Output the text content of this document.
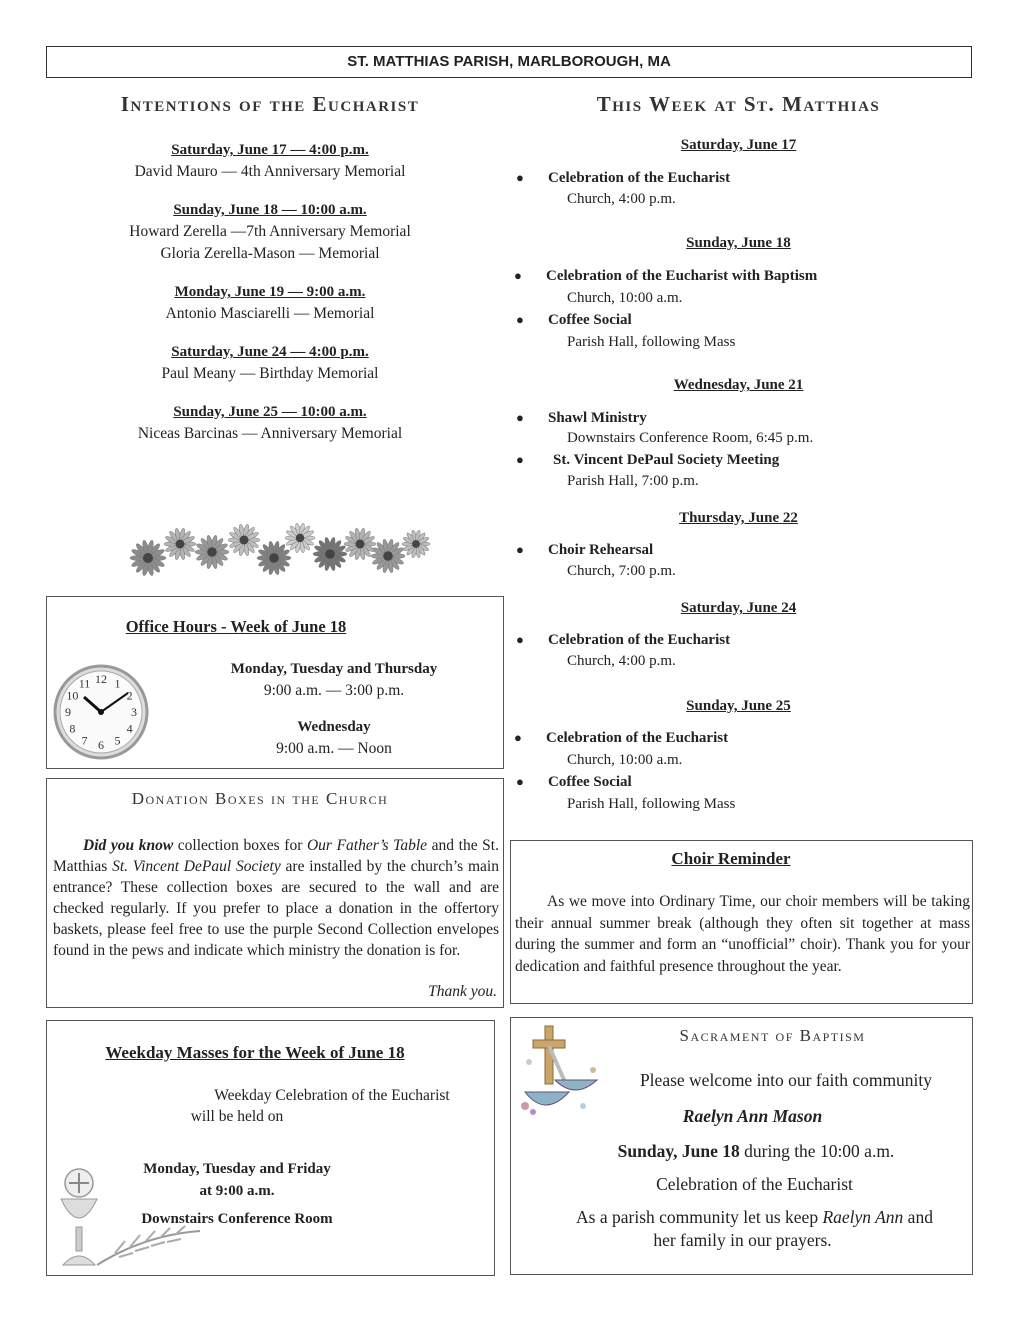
ST. MATTHIAS PARISH, MARLBOROUGH, MA
Intentions of the Eucharist	This Week at St. Matthias
Saturday, June 17 — 4:00 p.m.
David Mauro — 4th Anniversary Memorial
Sunday, June 18 — 10:00 a.m.
Howard Zerella —7th Anniversary Memorial
Gloria Zerella-Mason — Memorial
Monday, June 19 — 9:00 a.m.
Antonio Masciarelli — Memorial
Saturday, June 24 — 4:00 p.m.
Paul Meany — Birthday Memorial
Sunday, June 25 — 10:00 a.m.
Niceas Barcinas — Anniversary Memorial
Office Hours - Week of June 18
Monday, Tuesday and Thursday
9:00 a.m. — 3:00 p.m.
Wednesday
9:00 a.m. — Noon
12 1
2
3
4
5
6
7
8
9
10
11
Donation Boxes in the Church
Did you know collection boxes for Our Father’s Table and the St. Matthias St. Vincent DePaul Society are installed by the church’s main entrance? These collection boxes are secured to the wall and are checked regularly. If you prefer to place a donation in the offertory baskets, please feel free to use the purple Second Collection envelopes found in the pews and indicate which ministry the donation is for.
Thank you.
Weekday Masses for the Week of June 18
Weekday Celebration of the Eucharist
will be held on
Monday, Tuesday and Friday
at 9:00 a.m.
Downstairs Conference Room
Saturday, June 17
● Celebration of the Eucharist
Church, 4:00 p.m.
Sunday, June 18
● Celebration of the Eucharist with Baptism
Church, 10:00 a.m.
● Coffee Social
Parish Hall, following Mass
Wednesday, June 21
● Shawl Ministry
Downstairs Conference Room, 6:45 p.m.
● St. Vincent DePaul Society Meeting
Parish Hall, 7:00 p.m.
Thursday, June 22
● Choir Rehearsal
Church, 7:00 p.m.
Saturday, June 24
● Celebration of the Eucharist
Church, 4:00 p.m.
Sunday, June 25
● Celebration of the Eucharist
Church, 10:00 a.m.
● Coffee Social
Parish Hall, following Mass
Choir Reminder
As we move into Ordinary Time, our choir members will be taking their annual summer break (although they often sit together at mass during the summer and form an “unofficial” choir). Thank you for your dedication and faithful presence throughout the year.
Sacrament of Baptism
Please welcome into our faith community
Raelyn Ann Mason
Sunday, June 18 during the 10:00 a.m.
Celebration of the Eucharist
As a parish community let us keep Raelyn Ann and
her family in our prayers.
